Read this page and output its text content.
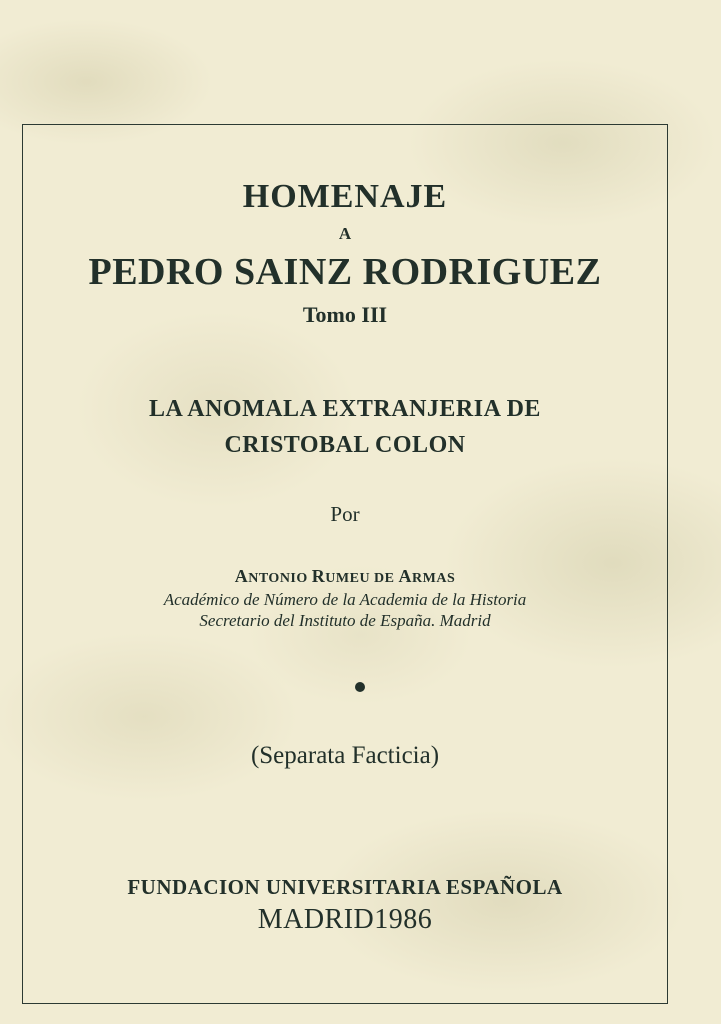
HOMENAJE
A
PEDRO SAINZ RODRIGUEZ
Tomo III
LA ANOMALA EXTRANJERIA DE
CRISTOBAL COLON
Por
ANTONIO RUMEU DE ARMAS
Académico de Número de la Academia de la Historia
Secretario del Instituto de España. Madrid
(Separata Facticia)
FUNDACION UNIVERSITARIA ESPAÑOLA
MADRID1986
